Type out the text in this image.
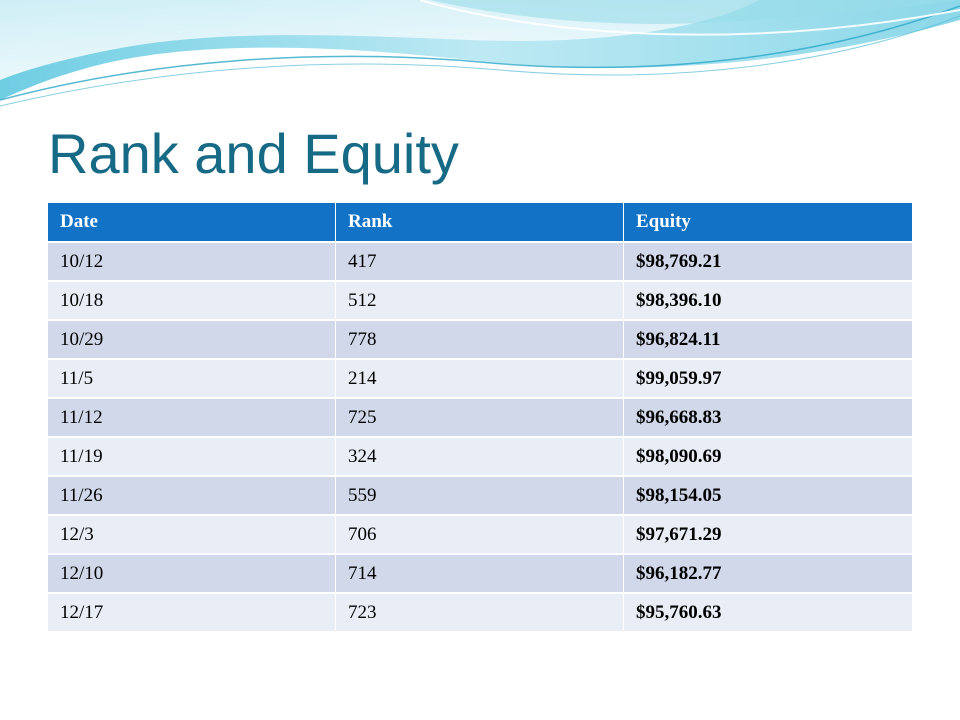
Rank and Equity
Date	Rank	Equity
10/12	417	$98,769.21
10/18	512	$98,396.10
10/29	778	$96,824.11
11/5	214	$99,059.97
11/12	725	$96,668.83
11/19	324	$98,090.69
11/26	559	$98,154.05
12/3	706	$97,671.29
12/10	714	$96,182.77
12/17	723	$95,760.63
